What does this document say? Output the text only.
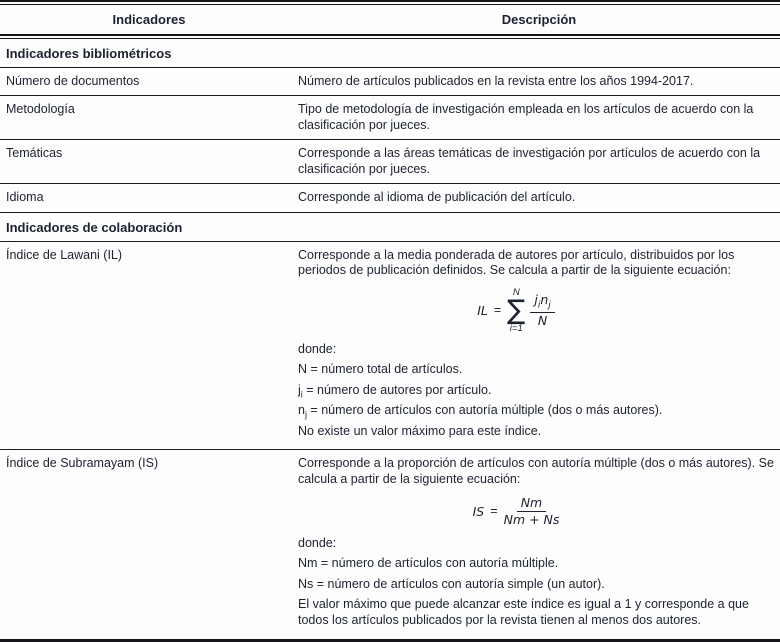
Indicadores	Descripción
Indicadores bibliométricos
Número de documentos	Número de artículos publicados en la revista entre los años 1994-2017.
Metodología	Tipo de metodología de investigación empleada en los artículos de acuerdo con la clasificación por jueces.
Temáticas	Corresponde a las áreas temáticas de investigación por artículos de acuerdo con la clasificación por jueces.
Idioma	Corresponde al idioma de publicación del artículo.
Indicadores de colaboración
Índice de Lawani (IL)	Corresponde a la media ponderada de autores por artículo, distribuidos por los periodos de publicación definidos. Se calcula a partir de la siguiente ecuación:

IL =
N
∑
$i=1 \frac{j_in_j}{N}$
donde:
N = número total de artículos.
$j_i$ = número de autores por artículo.
$n_j$ = número de artículos con autoría múltiple (dos o más autores).
No existe un valor máximo para este índice.
Índice de Subramayam (IS)	Corresponde a la proporción de artículos con autoría múltiple (dos o más autores). Se calcula a partir de la siguiente ecuación:

IS = $\frac{Nm}{Nm + Ns}$
donde:
Nm = número de artículos con autoría múltiple.
Ns = número de artículos con autoría simple (un autor).
El valor máximo que puede alcanzar este índice es igual a 1 y corresponde a que todos los artículos publicados por la revista tienen al menos dos autores.
